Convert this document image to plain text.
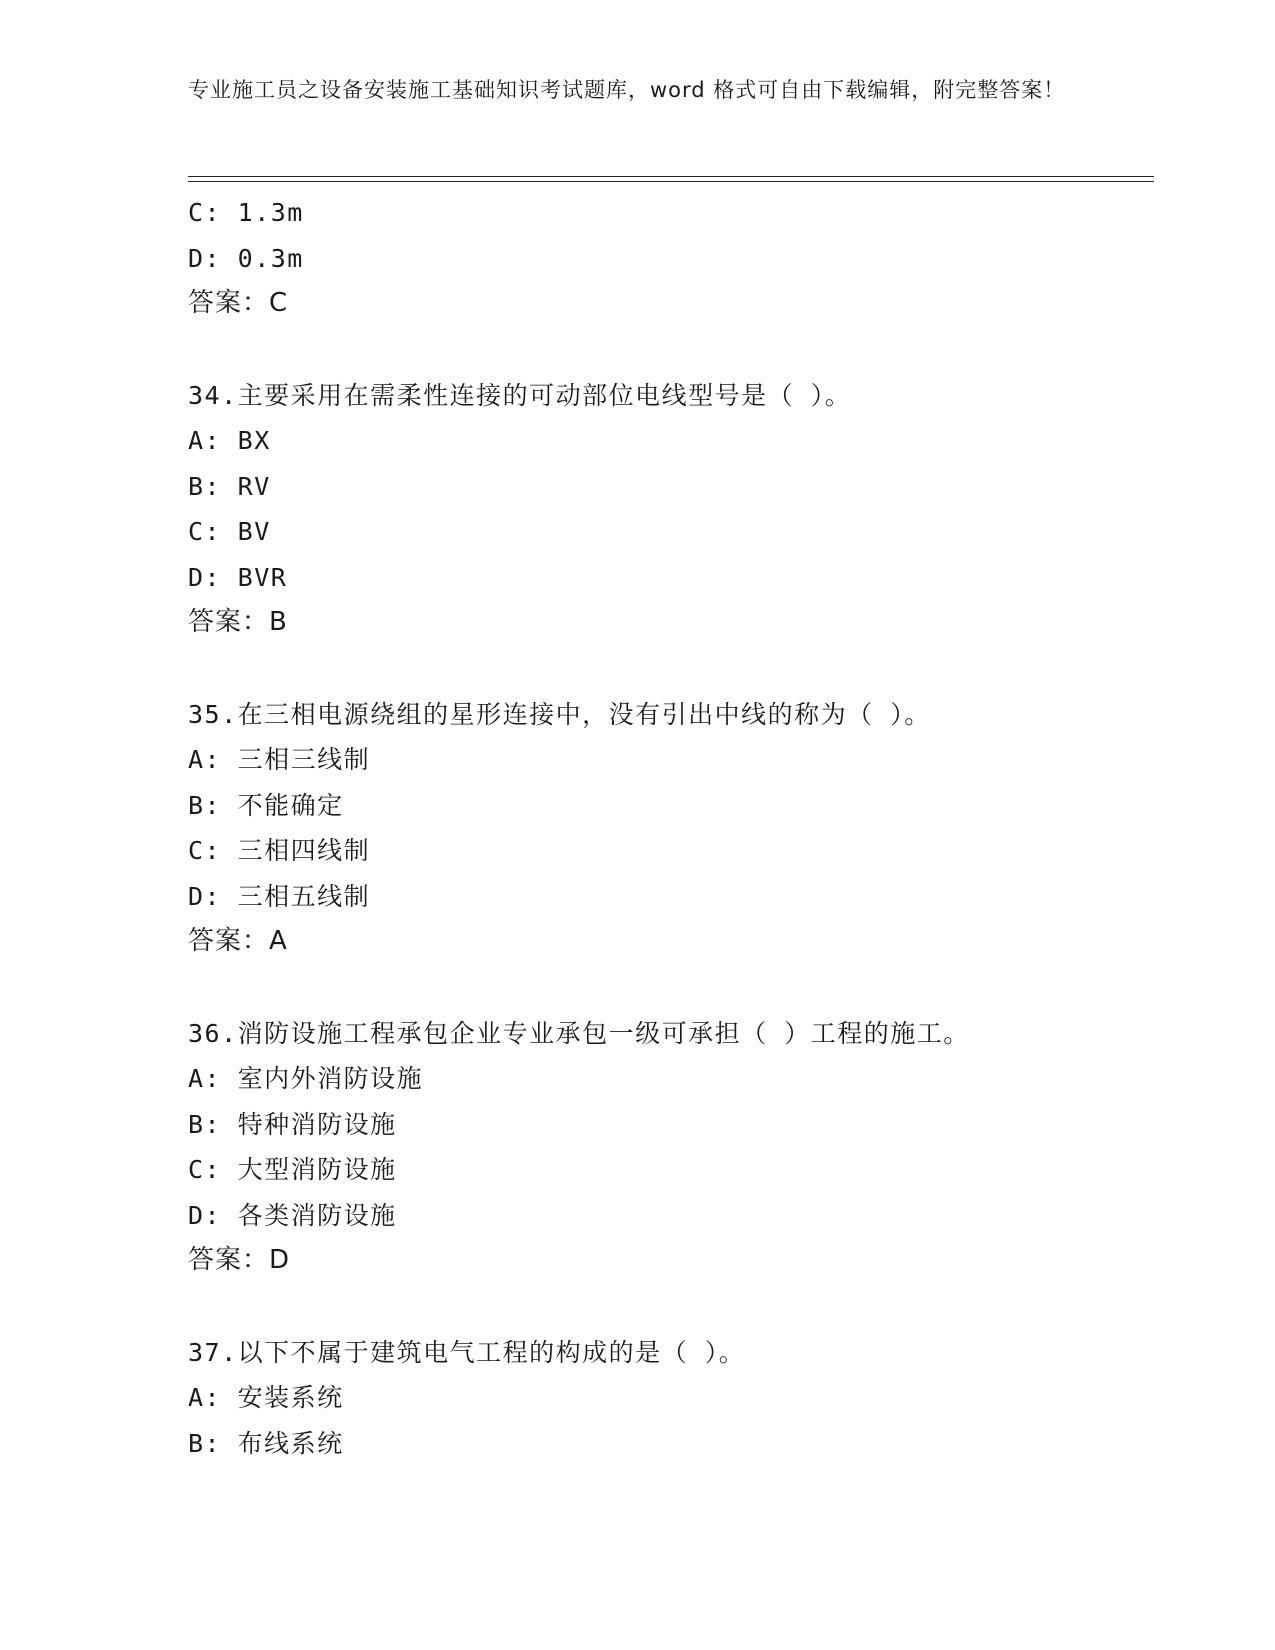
专业施工员之设备安装施工基础知识考试题库，word 格式可自由下载编辑，附完整答案！
C: 1.3m
D: 0.3m
答案：C
34.主要采用在需柔性连接的可动部位电线型号是（ ）。
A: BX
B: RV
C: BV
D: BVR
答案：B
35.在三相电源绕组的星形连接中，没有引出中线的称为（ ）。
A: 三相三线制
B: 不能确定
C: 三相四线制
D: 三相五线制
答案：A
36.消防设施工程承包企业专业承包一级可承担（ ）工程的施工。
A: 室内外消防设施
B: 特种消防设施
C: 大型消防设施
D: 各类消防设施
答案：D
37.以下不属于建筑电气工程的构成的是（ ）。
A: 安装系统
B: 布线系统
